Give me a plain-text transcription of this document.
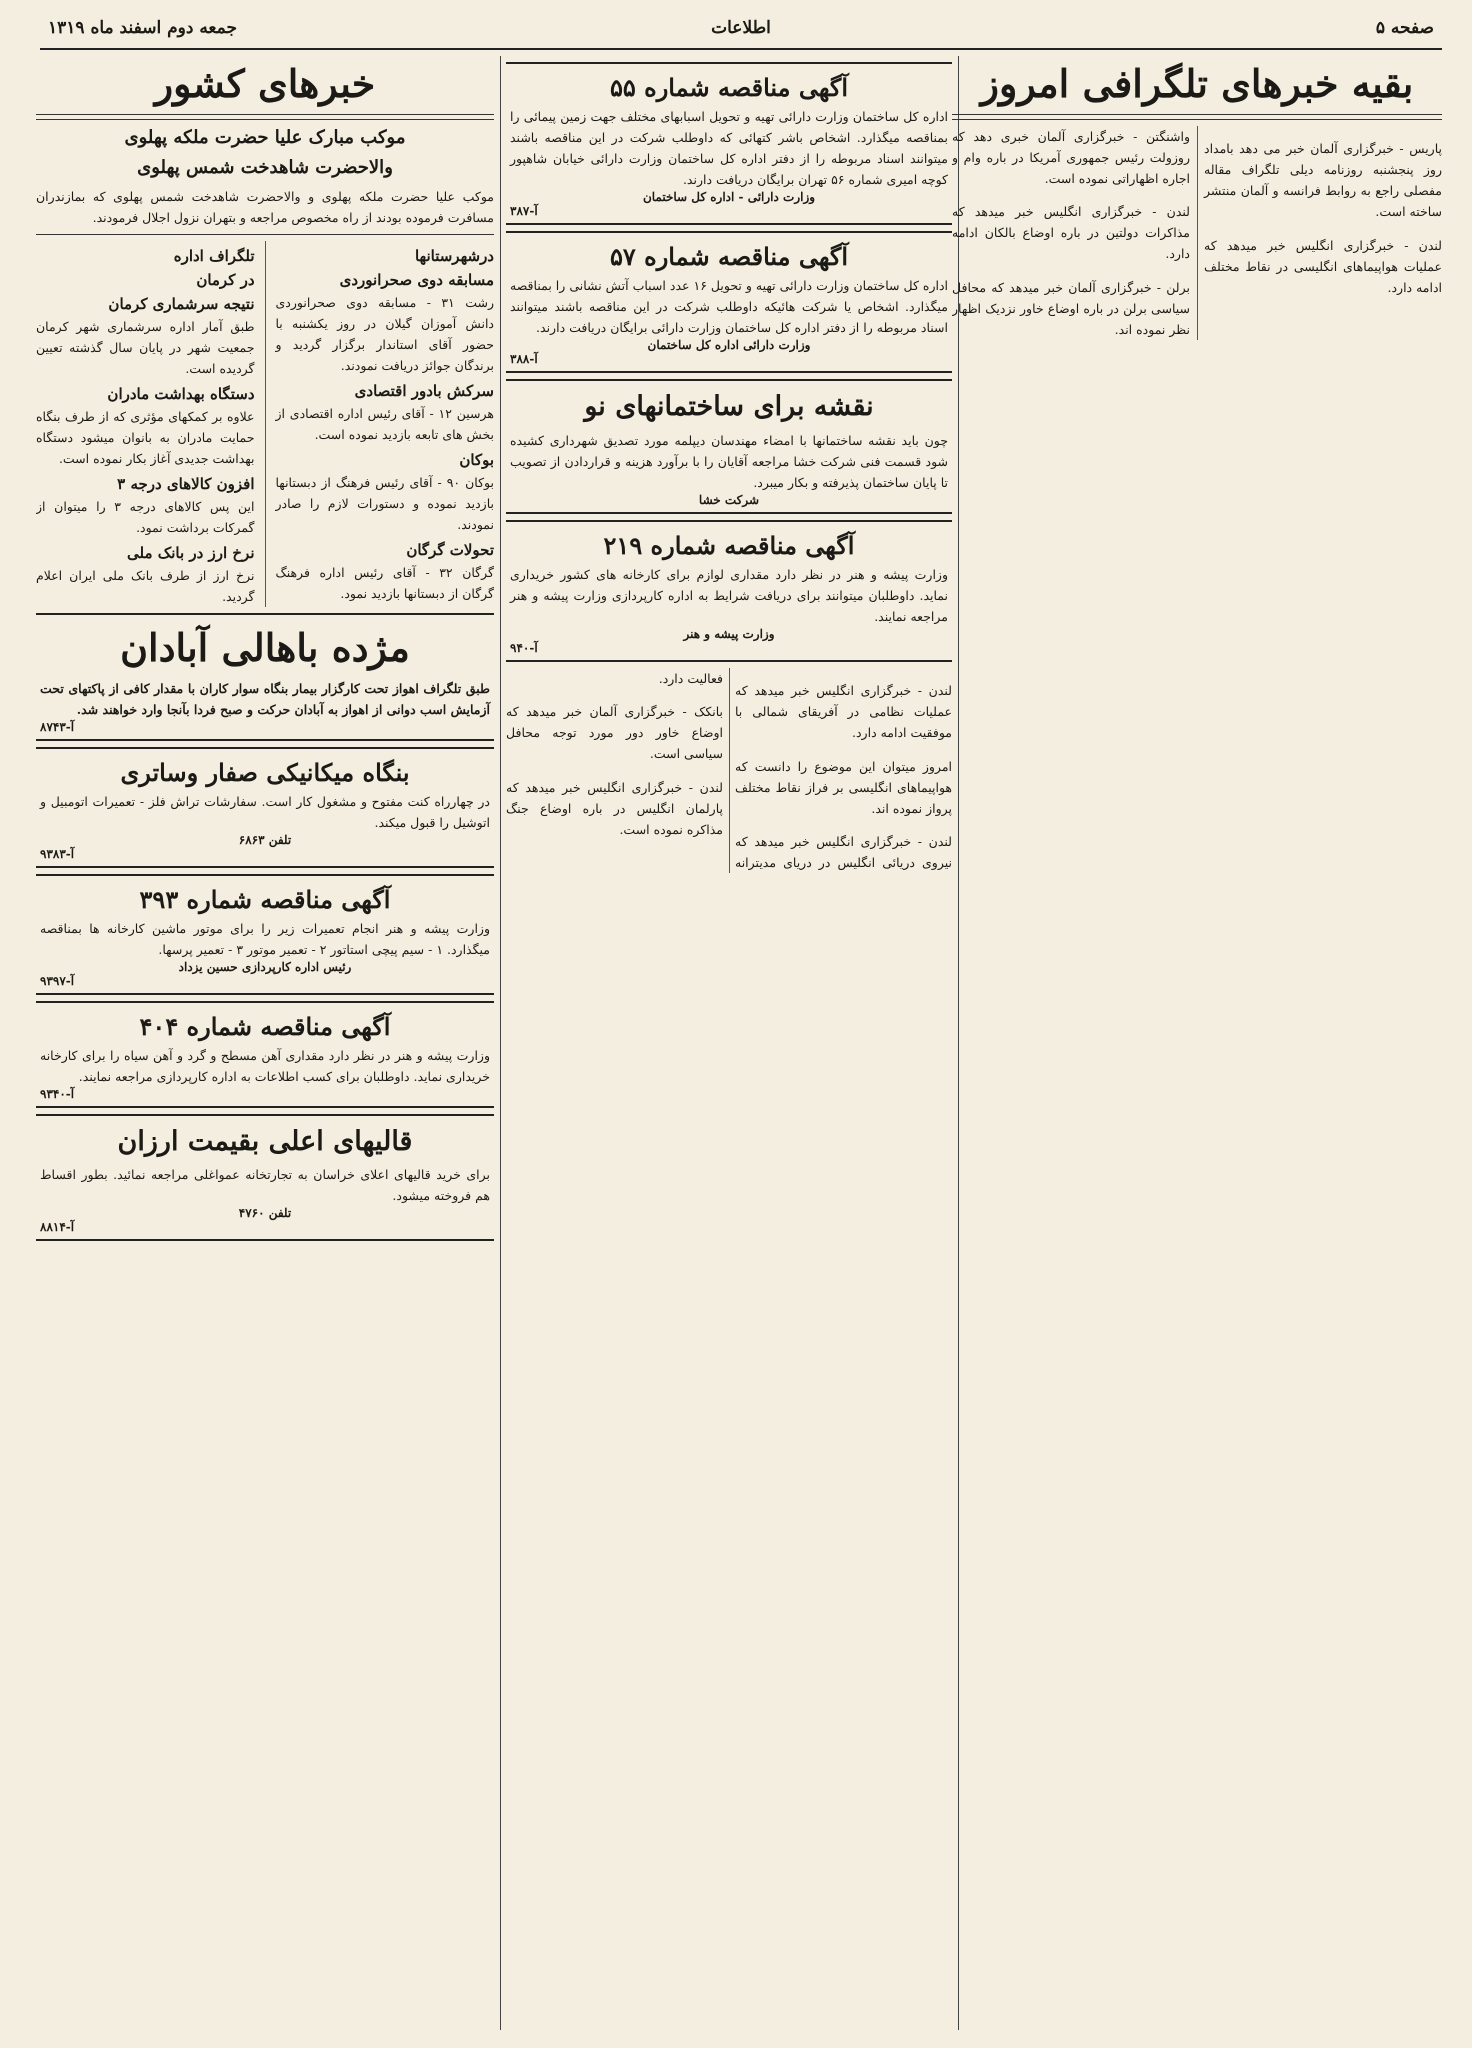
صفحه ۵
اطلاعات
جمعه دوم اسفند ماه ۱۳۱۹
بقیه خبرهای تلگرافی امروز

پاریس - خبرگزاری آلمان خبر می دهد بامداد روز پنجشنبه روزنامه دیلی تلگراف مقاله مفصلی راجع به روابط فرانسه و آلمان منتشر ساخته است.

لندن - خبرگزاری انگلیس خبر میدهد که عملیات هواپیماهای انگلیسی در نقاط مختلف ادامه دارد.

واشنگتن - خبرگزاری آلمان خبری دهد که روزولت رئیس جمهوری آمریکا در باره وام و اجاره اظهاراتی نموده است.

لندن - خبرگزاری انگلیس خبر میدهد که مذاکرات دولتین در باره اوضاع بالکان ادامه دارد.

برلن - خبرگزاری آلمان خبر میدهد که محافل سیاسی برلن در باره اوضاع خاور نزدیک اظهار نظر نموده اند.

آگهی مناقصه شماره ۵۵
اداره کل ساختمان وزارت دارائی تهیه و تحویل اسبابهای مختلف جهت زمین پیمائی را بمناقصه میگذارد. اشخاص باشر کتهائی که داوطلب شرکت در این مناقصه باشند میتوانند اسناد مربوطه را از دفتر اداره کل ساختمان وزارت دارائی خیابان شاهپور کوچه امیری شماره ۵۶ تهران برایگان دریافت دارند.
وزارت دارائی - اداره کل ساختمان
آ-۳۸۷
آگهی مناقصه شماره ۵۷
اداره کل ساختمان وزارت دارائی تهیه و تحویل ۱۶ عدد اسباب آتش نشانی را بمناقصه میگذارد. اشخاص یا شرکت هائیکه داوطلب شرکت در این مناقصه باشند میتوانند اسناد مربوطه را از دفتر اداره کل ساختمان وزارت دارائی برایگان دریافت دارند.
وزارت دارائی اداره کل ساختمان
آ-۳۸۸
نقشه برای ساختمانهای نو
چون باید نقشه ساختمانها با امضاء مهندسان دیپلمه مورد تصدیق شهرداری کشیده شود قسمت فنی شرکت خشا مراجعه آقایان را با برآورد هزینه و قراردادن از تصویب تا پایان ساختمان پذیرفته و بکار میبرد.
شرکت خشا
آگهی مناقصه شماره ۲۱۹
وزارت پیشه و هنر در نظر دارد مقداری لوازم برای کارخانه های کشور خریداری نماید. داوطلبان میتوانند برای دریافت شرایط به اداره کارپردازی وزارت پیشه و هنر مراجعه نمایند.
وزارت پیشه و هنر
آ-۹۴۰

لندن - خبرگزاری انگلیس خبر میدهد که عملیات نظامی در آفریقای شمالی با موفقیت ادامه دارد.

امروز میتوان این موضوع را دانست که هواپیماهای انگلیسی بر فراز نقاط مختلف پرواز نموده اند.

لندن - خبرگزاری انگلیس خبر میدهد که نیروی دریائی انگلیس در دریای مدیترانه فعالیت دارد.

بانکک - خبرگزاری آلمان خبر میدهد که اوضاع خاور دور مورد توجه محافل سیاسی است.

لندن - خبرگزاری انگلیس خبر میدهد که پارلمان انگلیس در باره اوضاع جنگ مذاکره نموده است.

خبرهای کشور
موکب مبارک علیا حضرت ملکه پهلوی
والاحضرت شاهدخت شمس پهلوی
موکب علیا حضرت ملکه پهلوی و والاحضرت شاهدخت شمس پهلوی که بمازندران مسافرت فرموده بودند از راه مخصوص مراجعه و بتهران نزول اجلال فرمودند.
درشهرستانها
مسابقه دوی صحرانوردی
رشت ۳۱ - مسابقه دوی صحرانوردی دانش آموزان گیلان در روز یکشنبه با حضور آقای استاندار برگزار گردید و برندگان جوائز دریافت نمودند.
سرکش بادور اقتصادی
هرسین ۱۲ - آقای رئیس اداره اقتصادی از بخش های تابعه بازدید نموده است.
بوکان
بوکان ۹۰ - آقای رئیس فرهنگ از دبستانها بازدید نموده و دستورات لازم را صادر نمودند.
تحولات گرگان
گرگان ۳۲ - آقای رئیس اداره فرهنگ گرگان از دبستانها بازدید نمود.
تلگراف اداره
در کرمان
نتیجه سرشماری کرمان
طبق آمار اداره سرشماری شهر کرمان جمعیت شهر در پایان سال گذشته تعیین گردیده است.
دستگاه بهداشت مادران
علاوه بر کمکهای مؤثری که از طرف بنگاه حمایت مادران به بانوان میشود دستگاه بهداشت جدیدی آغاز بکار نموده است.
افزون کالاهای درجه ۳
این پس کالاهای درجه ۳ را میتوان از گمرکات برداشت نمود.
نرخ ارز در بانک ملی
نرخ ارز از طرف بانک ملی ایران اعلام گردید.
مژده باهالی آبادان
طبق تلگراف اهواز تحت کارگزار بیمار بنگاه سوار کاران با مقدار کافی از پاکتهای تحت آزمایش اسب دوانی از اهواز به آبادان حرکت و صبح فردا بآنجا وارد خواهند شد.
آ-۸۷۴۳
بنگاه میکانیکی صفار وساتری
در چهارراه کنت مفتوح و مشغول کار است. سفارشات تراش فلز - تعمیرات اتومبیل و اتوشیل را قبول میکند.
تلفن ۶۸۶۳
آ-۹۳۸۳
آگهی مناقصه شماره ۳۹۳
وزارت پیشه و هنر انجام تعمیرات زیر را برای موتور ماشین کارخانه ها بمناقصه میگذارد. ۱ - سیم پیچی استاتور ۲ - تعمیر موتور ۳ - تعمیر پرسها.
رئیس اداره کارپردازی حسین یزداد
آ-۹۳۹۷
آگهی مناقصه شماره ۴۰۴
وزارت پیشه و هنر در نظر دارد مقداری آهن مسطح و گرد و آهن سیاه را برای کارخانه خریداری نماید. داوطلبان برای کسب اطلاعات به اداره کارپردازی مراجعه نمایند.
آ-۹۳۴۰
قالیهای اعلی بقیمت ارزان
برای خرید قالیهای اعلای خراسان به تجارتخانه عمواغلی مراجعه نمائید. بطور اقساط هم فروخته میشود.
تلفن ۴۷۶۰
آ-۸۸۱۴
